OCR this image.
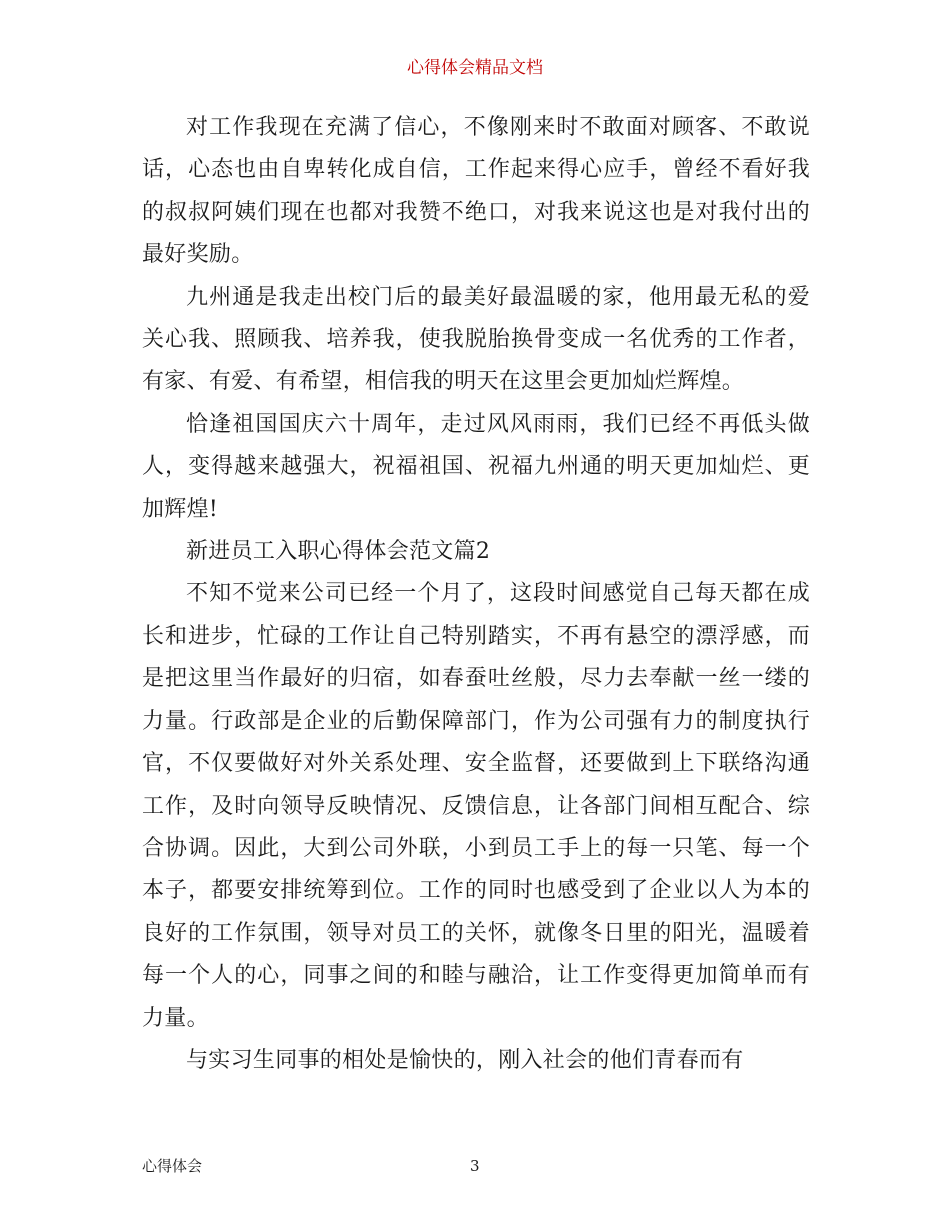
心得体会精品文档

对工作我现在充满了信心，不像刚来时不敢面对顾客、不敢说话，心态也由自卑转化成自信，工作起来得心应手，曾经不看好我的叔叔阿姨们现在也都对我赞不绝口，对我来说这也是对我付出的最好奖励。

九州通是我走出校门后的最美好最温暖的家，他用最无私的爱关心我、照顾我、培养我，使我脱胎换骨变成一名优秀的工作者，有家、有爱、有希望，相信我的明天在这里会更加灿烂辉煌。

恰逢祖国国庆六十周年，走过风风雨雨，我们已经不再低头做人，变得越来越强大，祝福祖国、祝福九州通的明天更加灿烂、更加辉煌!

新进员工入职心得体会范文篇2

不知不觉来公司已经一个月了，这段时间感觉自己每天都在成长和进步，忙碌的工作让自己特别踏实，不再有悬空的漂浮感，而是把这里当作最好的归宿，如春蚕吐丝般，尽力去奉献一丝一缕的力量。行政部是企业的后勤保障部门，作为公司强有力的制度执行官，不仅要做好对外关系处理、安全监督，还要做到上下联络沟通工作，及时向领导反映情况、反馈信息，让各部门间相互配合、综合协调。因此，大到公司外联，小到员工手上的每一只笔、每一个本子，都要安排统筹到位。工作的同时也感受到了企业以人为本的良好的工作氛围，领导对员工的关怀，就像冬日里的阳光，温暖着每一个人的心，同事之间的和睦与融洽，让工作变得更加简单而有力量。

与实习生同事的相处是愉快的，刚入社会的他们青春而有

心得体会	3
